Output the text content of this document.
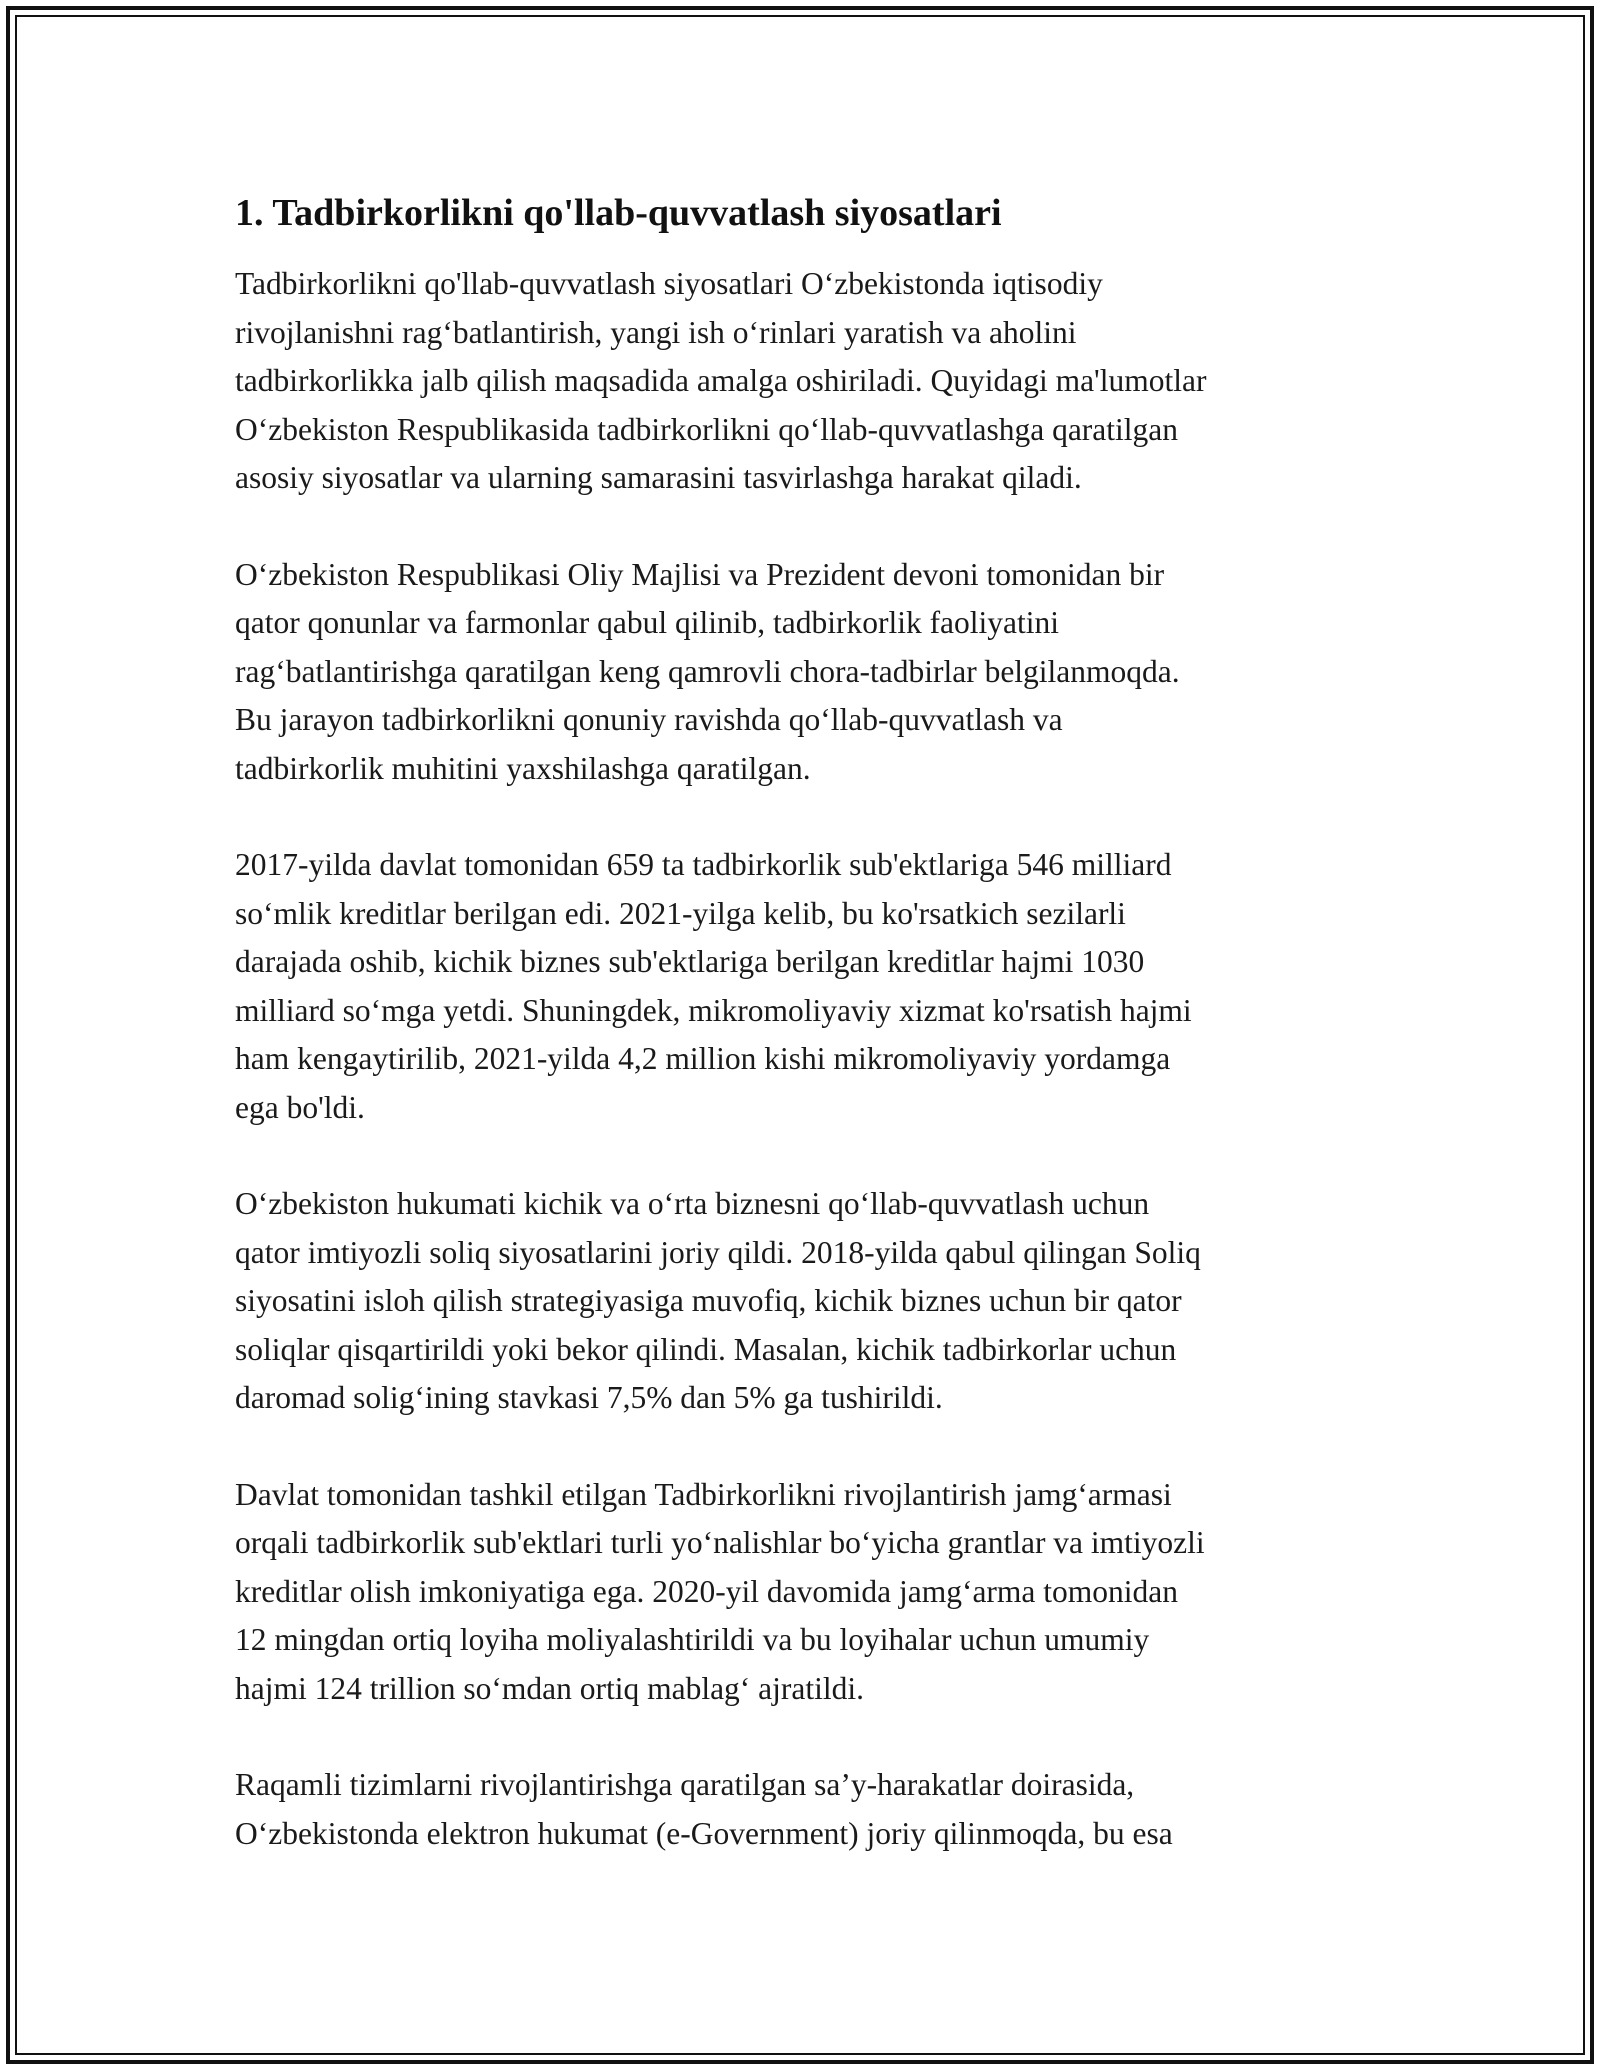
1. Tadbirkorlikni qo'llab-quvvatlash siyosatlari
Tadbirkorlikni qo'llab-quvvatlash siyosatlari O‘zbekistonda iqtisodiy
rivojlanishni rag‘batlantirish, yangi ish o‘rinlari yaratish va aholini
tadbirkorlikka jalb qilish maqsadida amalga oshiriladi. Quyidagi ma'lumotlar
O‘zbekiston Respublikasida tadbirkorlikni qo‘llab-quvvatlashga qaratilgan
asosiy siyosatlar va ularning samarasini tasvirlashga harakat qiladi.
O‘zbekiston Respublikasi Oliy Majlisi va Prezident devoni tomonidan bir
qator qonunlar va farmonlar qabul qilinib, tadbirkorlik faoliyatini
rag‘batlantirishga qaratilgan keng qamrovli chora-tadbirlar belgilanmoqda.
Bu jarayon tadbirkorlikni qonuniy ravishda qo‘llab-quvvatlash va
tadbirkorlik muhitini yaxshilashga qaratilgan.
2017-yilda davlat tomonidan 659 ta tadbirkorlik sub'ektlariga 546 milliard
so‘mlik kreditlar berilgan edi. 2021-yilga kelib, bu ko'rsatkich sezilarli
darajada oshib, kichik biznes sub'ektlariga berilgan kreditlar hajmi 1030
milliard so‘mga yetdi. Shuningdek, mikromoliyaviy xizmat ko'rsatish hajmi
ham kengaytirilib, 2021-yilda 4,2 million kishi mikromoliyaviy yordamga
ega bo'ldi.
O‘zbekiston hukumati kichik va o‘rta biznesni qo‘llab-quvvatlash uchun
qator imtiyozli soliq siyosatlarini joriy qildi. 2018-yilda qabul qilingan Soliq
siyosatini isloh qilish strategiyasiga muvofiq, kichik biznes uchun bir qator
soliqlar qisqartirildi yoki bekor qilindi. Masalan, kichik tadbirkorlar uchun
daromad solig‘ining stavkasi 7,5% dan 5% ga tushirildi.
Davlat tomonidan tashkil etilgan Tadbirkorlikni rivojlantirish jamg‘armasi
orqali tadbirkorlik sub'ektlari turli yo‘nalishlar bo‘yicha grantlar va imtiyozli
kreditlar olish imkoniyatiga ega. 2020-yil davomida jamg‘arma tomonidan
12 mingdan ortiq loyiha moliyalashtirildi va bu loyihalar uchun umumiy
hajmi 124 trillion so‘mdan ortiq mablag‘ ajratildi.
Raqamli tizimlarni rivojlantirishga qaratilgan sa’y-harakatlar doirasida,
O‘zbekistonda elektron hukumat (e-Government) joriy qilinmoqda, bu esa
